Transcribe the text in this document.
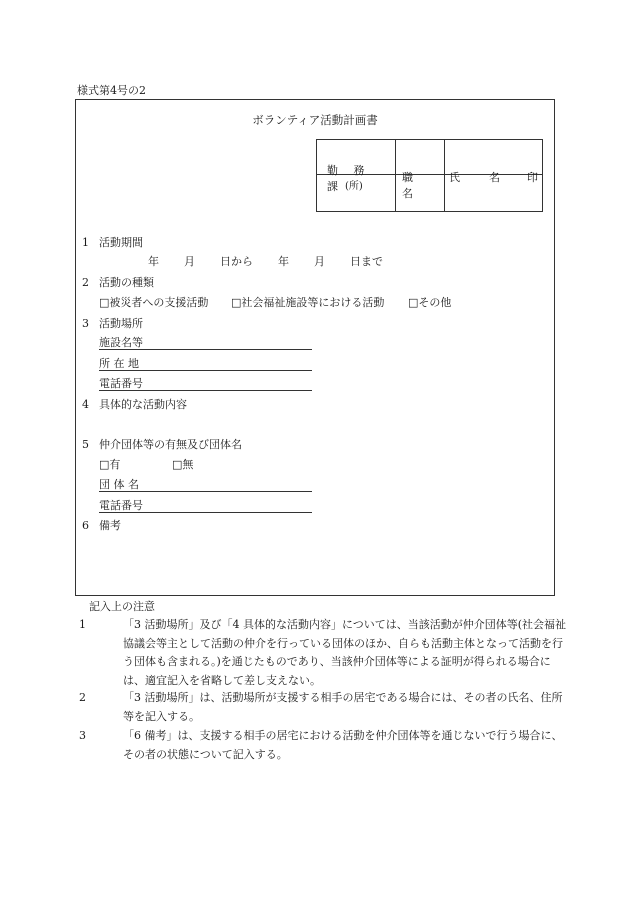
様式第4号の2
ボランティア活動計画書
勤 務 課 (所)	職 名	氏 名 印

1 活動期間
年 月 日から 年 月 日まで
2 活動の種類
□被災者への支援活動 □社会福祉施設等における活動 □その他
3 活動場所
施設名等
所 在 地
電話番号
4 具体的な活動内容
5 仲介団体等の有無及び団体名
□有	□無
団 体 名
電話番号
6 備考
記入上の注意
1	「3 活動場所」及び「4 具体的な活動内容」については、当該活動が仲介団体等(社会福祉協議会等主として活動の仲介を行っている団体のほか、自らも活動主体となって活動を行う団体も含まれる。)を通じたものであり、当該仲介団体等による証明が得られる場合には、適宜記入を省略して差し支えない。
2	「3 活動場所」は、活動場所が支援する相手の居宅である場合には、その者の氏名、住所等を記入する。
3	「6 備考」は、支援する相手の居宅における活動を仲介団体等を通じないで行う場合に、その者の状態について記入する。
